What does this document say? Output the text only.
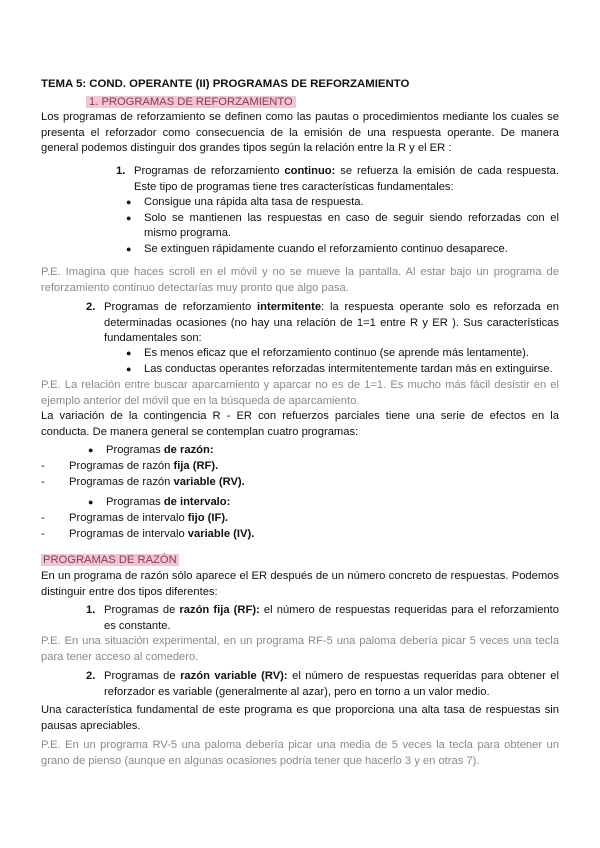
TEMA 5: COND. OPERANTE (II) PROGRAMAS DE REFORZAMIENTO

1. PROGRAMAS DE REFORZAMIENTO

Los programas de reforzamiento se definen como las pautas o procedimientos mediante los cuales se presenta el reforzador como consecuencia de la emisión de una respuesta operante. De manera general podemos distinguir dos grandes tipos según la relación entre la R y el ER :

1. Programas de reforzamiento continuo: se refuerza la emisión de cada respuesta. Este tipo de programas tiene tres características fundamentales:
● Consigue una rápida alta tasa de respuesta.
● Solo se mantienen las respuestas en caso de seguir siendo reforzadas con el mismo programa.
● Se extinguen rápidamente cuando el reforzamiento continuo desaparece.

P.E. Imagina que haces scroll en el móvil y no se mueve la pantalla. Al estar bajo un programa de reforzamiento continuo detectarías muy pronto que algo pasa.

2. Programas de reforzamiento intermitente: la respuesta operante solo es reforzada en determinadas ocasiones (no hay una relación de 1=1 entre R y ER ). Sus características fundamentales son:
● Es menos eficaz que el reforzamiento continuo (se aprende más lentamente).
● Las conductas operantes reforzadas intermitentemente tardan más en extinguirse.

P.E. La relación entre buscar aparcamiento y aparcar no es de 1=1. Es mucho más fácil desistir en el ejemplo anterior del móvil que en la búsqueda de aparcamiento.

La variación de la contingencia R - ER con refuerzos parciales tiene una serie de efectos en la conducta. De manera general se contemplan cuatro programas:

● Programas de razón:
-	Programas de razón fija (RF).
-	Programas de razón variable (RV).
● Programas de intervalo:
-	Programas de intervalo fijo (IF).
-	Programas de intervalo variable (IV).

PROGRAMAS DE RAZÓN

En un programa de razón sólo aparece el ER después de un número concreto de respuestas. Podemos distinguir entre dos tipos diferentes:

1. Programas de razón fija (RF): el número de respuestas requeridas para el reforzamiento es constante.

P.E. En una situación experimental, en un programa RF-5 una paloma debería picar 5 veces una tecla para tener acceso al comedero.

2. Programas de razón variable (RV): el número de respuestas requeridas para obtener el reforzador es variable (generalmente al azar), pero en torno a un valor medio.

Una característica fundamental de este programa es que proporciona una alta tasa de respuestas sin pausas apreciables.

P.E. En un programa RV-5 una paloma debería picar una media de 5 veces la tecla para obtener un grano de pienso (aunque en algunas ocasiones podría tener que hacerlo 3 y en otras 7).
